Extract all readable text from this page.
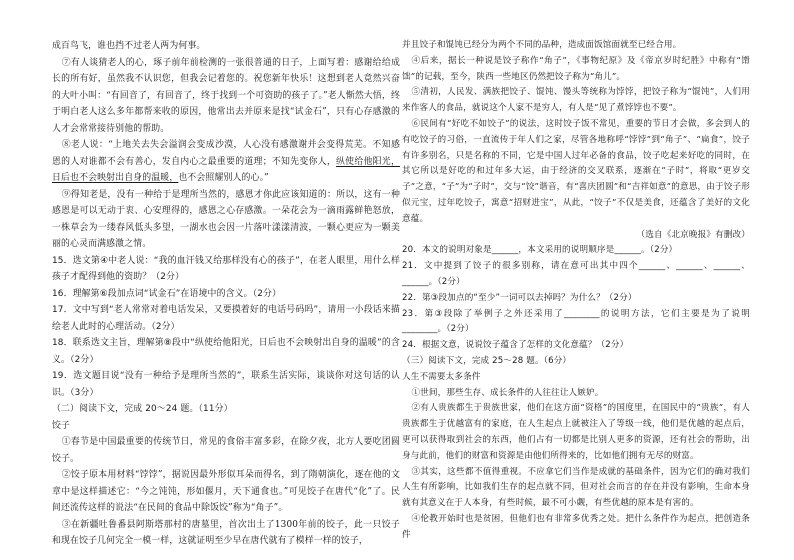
成百鸟飞，谁也挡不过老人两为何事。

⑦有人谈猜老人的心，琢子前年前检测的一张很普通的日子，上面写着：感谢给给成长的所有好，虽然我不认识您，但我会记着您的。祝您新年快乐！这想到老人竟然兴奋的大叶小叫：“有回音了，有回音了，终于找到一个可资助的孩子了。”老人惭然大悟，终于明白老人这么多年都帮来收的原因，他常出去并原来是找“试金石”，只有心存感激的人才会常常接待别他的帮助。

⑧老人说：“上地关去失会溢润会变成沙漠，人心没有感激谢并会变得荒芜。不知感恩的人对谁都不会有善心，发自内心之最重要的道理；不知先变你人，纵使给他阳光，日后也不会映射出自身的温暖，也不会照耀别人的心。”

⑨得知老是，没有一种给于是理所当然的，感恩才你此应该知道的：所以，这有一种感恩是可以无动于衷、心安理得的，感恩之心存感激。一朵花会为一滴雨露鲜艳怒放，一株草会为一缕春风低头多望，一湖水也会因一片落叶漾漾清波，一颗心更应为一颗美丽的心灵而满感激之情。

15．选文第④中老人说：“我的血汗钱又给那样没有心的孩子”，在老人眼里，用什么样孩子才配得到他的资助？（2分）

16．理解第⑥段加点词“试金石”在语境中的含义。（2分）

17．文中写到“老人常常对着电话发呆，又要摸着好的电话号码吗”，请用一小段话来描绘老人此时的心理活动。（2分）

18．联系选文主旨，理解第⑧段中“纵使给他阳光，日后也不会映射出自身的温暖”的含义。（2分）

19．选文题目说“没有一种给予是理所当然的”，联系生活实际，谈谈你对这句话的认识。（3分）

（二）阅读下文，完成 20～24 题。（11分）

饺子

①春节是中国最重要的传统节日，常见的食俗丰富多彩，在除夕夜，北方人要吃团圆饺子。

②饺子原本用材料“饽饽”，据说因最外形似耳朵而得名，到了隋朝演化，逐在他的文章中是这样描述它：“今之饨饨，形如偃月，天下通食也。”可见饺子在唐代“化”了。民间还流传这样的说法“在民间的食品中除饭饺”称为“角子”。

③在新疆吐鲁番县阿斯塔那村的唐墓里，首次出土了1300年前的饺子，此一只饺子和现在饺子几何完全一模一样，这就证明至少早在唐代就有了模样一样的饺子，

并且饺子和馄饨已经分为两个不同的品种，造成面饭馆面就至已经合用。

④后来，据长一种说是饺子称作“角子”，《事物纪原》及《帝京岁时纪胜》中称有“馉饳”的记载，至今，陕西一些地区仍然把饺子称为“角儿”。

⑤清初，人民发、满族把饺子、馄饨、馒头等统称为饽饽，把饺子称为“馄饨”，人们用来作客人的食品，就说这个人家不是穷人，有人是“见了煮饽饽也不要”。

⑥民间有“好吃不如饺子”的说法，这时饺子饭不常见，重要的节日才会做，多会到人的有吃饺子的习俗，一直流传于年人们之家，尽管各地称呼“饽饽”到“角子”、“扁食”，饺子有许多别名，只是名称的不同，它是中国人过年必备的食品，饺子吃起来好吃的同时，在其它所以是好吃的和过年多大运，由于经济的交叉联系，逐渐在“子时”，将取“更岁交子”之意，“子”为“子时”，交与“饺”谐音，有“喜庆团圆”和“吉祥如意”的意思，由于饺子形似元宝，过年吃饺子，寓意“招财进宝”，从此，“饺子”不仅是美食，还蕴含了美好的文化意蕴。

（选自《北京晚报》有删改）

20．本文的说明对象是______，本文采用的说明顺序是______。（2分）

21．文中提到了饺子的很多别称，请在意可出其中四个______、______、______、______。（2分）

22．第③段加点的“至少”一词可以去掉吗？为什么？（2分）

23．第③段除了举例子之外还采用了________的说明方法，它们主要是为了说明________。（2分）

24．根据文意，说说饺子蕴含了怎样的文化意蕴？（2分）

（三）阅读下文，完成 25～28 题。（6分）

人生不需要太多条件

①世间，那些生存、成长条件的人往往让人嫉妒。

②有人贵族都生于贵族世家，他们在这方面“资格”的国度里，在国民中的“贵族”，有人贵族都生于优越富有的家庭，在人生起点上就被注入了等级一线，他们是优越的起点后，更可以获得取到社会的东西，他们占有一切都是比别人更多的资源，还有社会的帮助，出身与此前，他们的财富和资源是由他们所得来的，比如他们拥有无尽的财富。

③其实，这些都不值得重视。不应拿它们当作是成就的基础条件，因为它们的确对我们人生有所影响，比如我们生存的起点就不同，但对社会而言的存在并没有影响，生命本身就有其意义在于人本身，有些时候，最不可小觑，有些优越的原本是有害的。

④伦教开始时也是贫困，但他们也有非常多优秀之处。把什么条件作为起点，把创造条件
